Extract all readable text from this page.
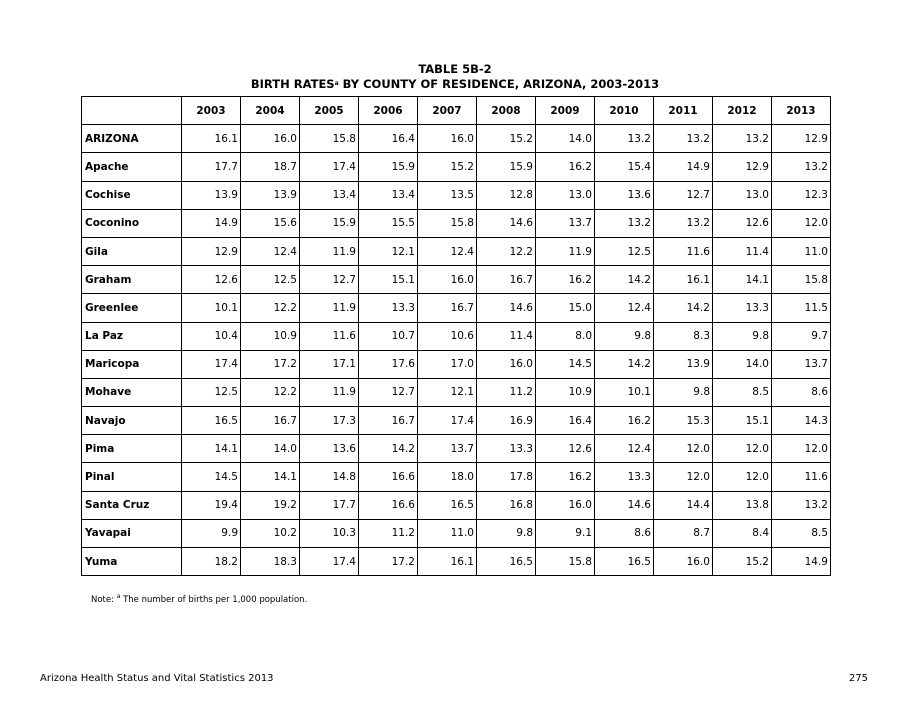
TABLE 5B-2
BIRTH RATES$^a$ BY COUNTY OF RESIDENCE, ARIZONA, 2003-2013
	2003	2004	2005	2006	2007	2008	2009	2010	2011	2012	2013
ARIZONA	16.1	16.0	15.8	16.4	16.0	15.2	14.0	13.2	13.2	13.2	12.9
Apache	17.7	18.7	17.4	15.9	15.2	15.9	16.2	15.4	14.9	12.9	13.2
Cochise	13.9	13.9	13.4	13.4	13.5	12.8	13.0	13.6	12.7	13.0	12.3
Coconino	14.9	15.6	15.9	15.5	15.8	14.6	13.7	13.2	13.2	12.6	12.0
Gila	12.9	12.4	11.9	12.1	12.4	12.2	11.9	12.5	11.6	11.4	11.0
Graham	12.6	12.5	12.7	15.1	16.0	16.7	16.2	14.2	16.1	14.1	15.8
Greenlee	10.1	12.2	11.9	13.3	16.7	14.6	15.0	12.4	14.2	13.3	11.5
La Paz	10.4	10.9	11.6	10.7	10.6	11.4	8.0	9.8	8.3	9.8	9.7
Maricopa	17.4	17.2	17.1	17.6	17.0	16.0	14.5	14.2	13.9	14.0	13.7
Mohave	12.5	12.2	11.9	12.7	12.1	11.2	10.9	10.1	9.8	8.5	8.6
Navajo	16.5	16.7	17.3	16.7	17.4	16.9	16.4	16.2	15.3	15.1	14.3
Pima	14.1	14.0	13.6	14.2	13.7	13.3	12.6	12.4	12.0	12.0	12.0
Pinal	14.5	14.1	14.8	16.6	18.0	17.8	16.2	13.3	12.0	12.0	11.6
Santa Cruz	19.4	19.2	17.7	16.6	16.5	16.8	16.0	14.6	14.4	13.8	13.2
Yavapai	9.9	10.2	10.3	11.2	11.0	9.8	9.1	8.6	8.7	8.4	8.5
Yuma	18.2	18.3	17.4	17.2	16.1	16.5	15.8	16.5	16.0	15.2	14.9
Note: $^a$ The number of births per 1,000 population.
Arizona Health Status and Vital Statistics 2013	275
